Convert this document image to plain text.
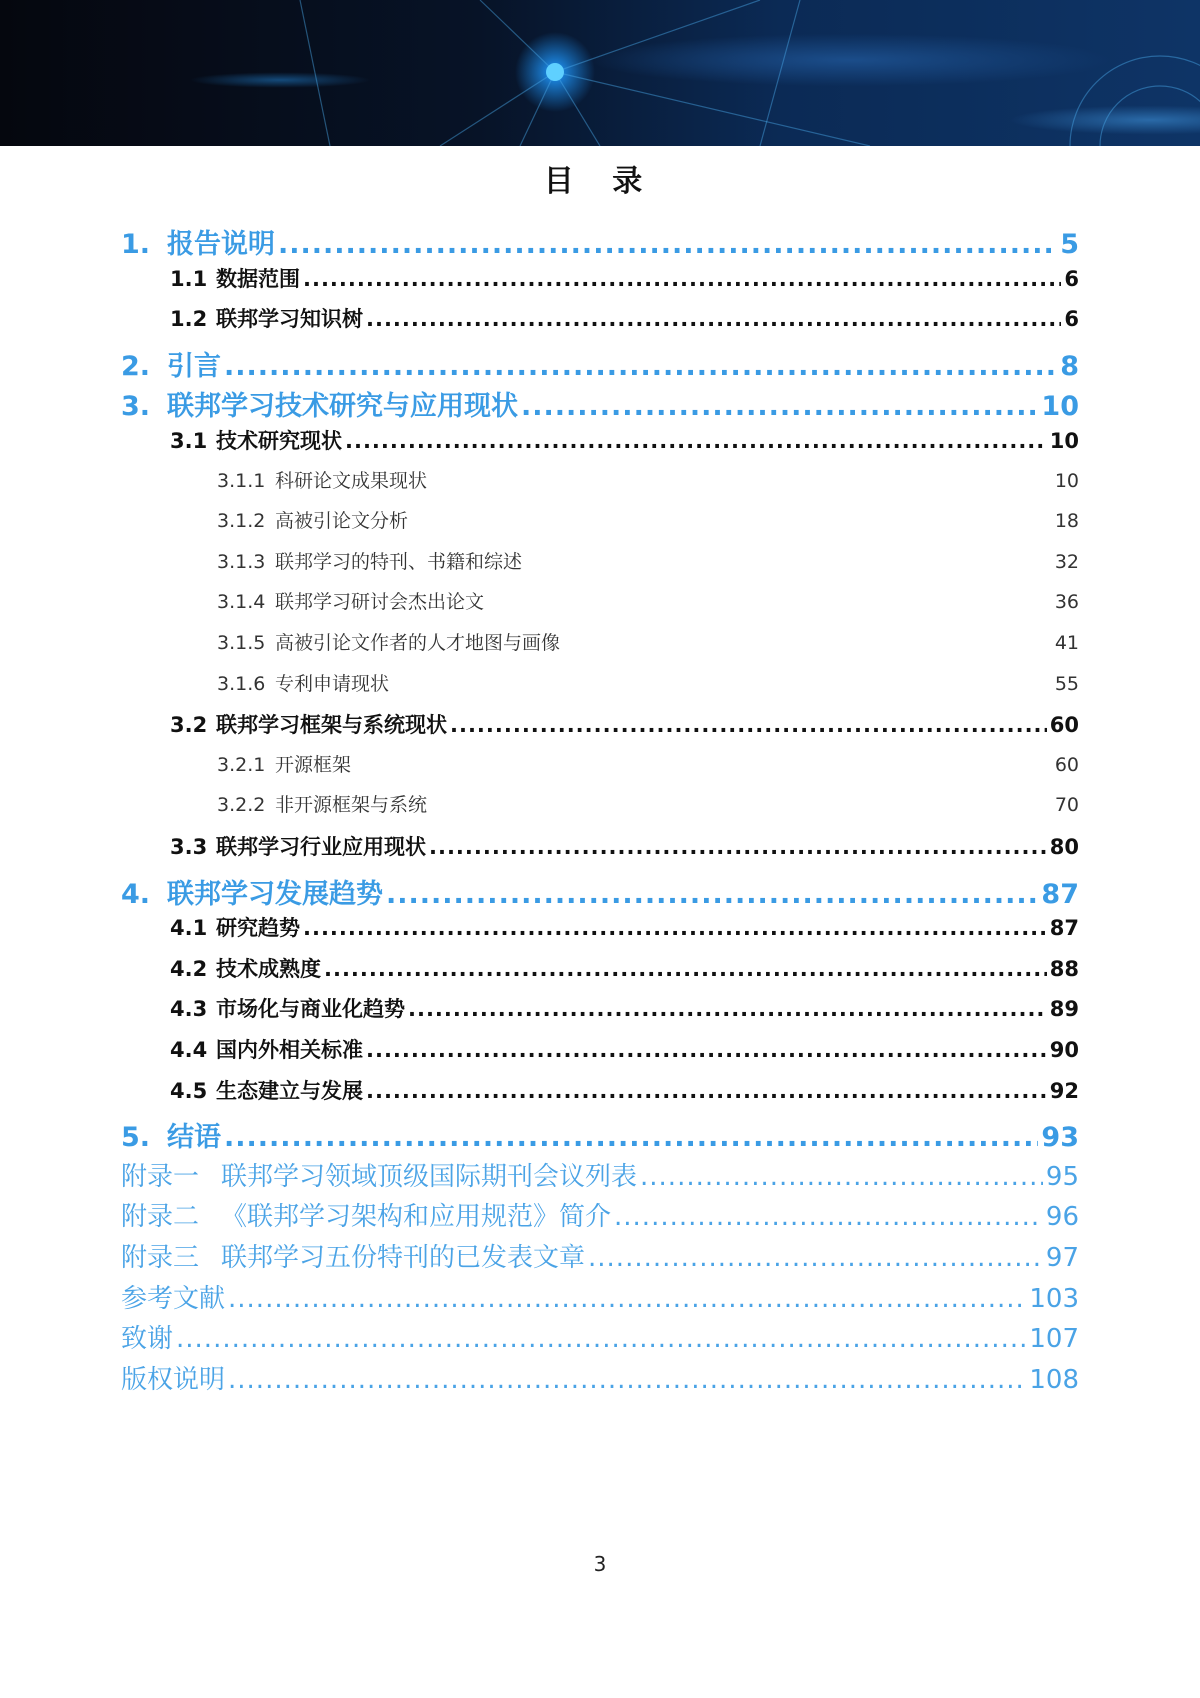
目 录
1. 报告说明 .....	5
1.1 数据范围 .....	6
1.2 联邦学习知识树 .....	6
2. 引言 .....	8
3. 联邦学习技术研究与应用现状 .....	10
3.1 技术研究现状 .....	10
3.1.1 科研论文成果现状	10
3.1.2 高被引论文分析	18
3.1.3 联邦学习的特刊、书籍和综述	32
3.1.4 联邦学习研讨会杰出论文	36
3.1.5 高被引论文作者的人才地图与画像	41
3.1.6 专利申请现状	55
3.2 联邦学习框架与系统现状 .....	60
3.2.1 开源框架	60
3.2.2 非开源框架与系统	70
3.3 联邦学习行业应用现状 .....	80
4. 联邦学习发展趋势 .....	87
4.1 研究趋势 .....	87
4.2 技术成熟度 .....	88
4.3 市场化与商业化趋势 .....	89
4.4 国内外相关标准 .....	90
4.5 生态建立与发展 .....	92
5. 结语 .....	93
附录一 联邦学习领域顶级国际期刊会议列表 .....	95
附录二 《联邦学习架构和应用规范》简介 .....	96
附录三 联邦学习五份特刊的已发表文章 .....	97
参考文献 .....	103
致谢 .....	107
版权说明 .....	108
3
